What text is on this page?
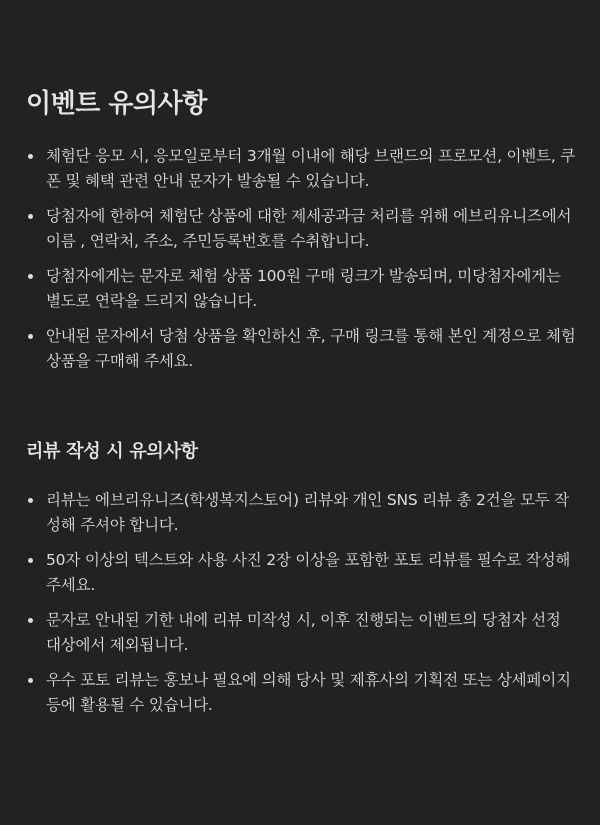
이벤트 유의사항
체험단 응모 시, 응모일로부터 3개월 이내에 해당 브랜드의 프로모션, 이벤트, 쿠폰 및 혜택 관련 안내 문자가 발송될 수 있습니다.
당첨자에 한하여 체험단 상품에 대한 제세공과금 처리를 위해 에브리유니즈에서 이름 , 연락처, 주소, 주민등록번호를 수취합니다.
당첨자에게는 문자로 체험 상품 100원 구매 링크가 발송되며, 미당첨자에게는 별도로 연락을 드리지 않습니다.
안내된 문자에서 당첨 상품을 확인하신 후, 구매 링크를 통해 본인 계정으로 체험 상품을 구매해 주세요.
리뷰 작성 시 유의사항
리뷰는 에브리유니즈(학생복지스토어) 리뷰와 개인 SNS 리뷰 총 2건을 모두 작성해 주셔야 합니다.
50자 이상의 텍스트와 사용 사진 2장 이상을 포함한 포토 리뷰를 필수로 작성해 주세요.
문자로 안내된 기한 내에 리뷰 미작성 시, 이후 진행되는 이벤트의 당첨자 선정 대상에서 제외됩니다.
우수 포토 리뷰는 홍보나 필요에 의해 당사 및 제휴사의 기획전 또는 상세페이지 등에 활용될 수 있습니다.
